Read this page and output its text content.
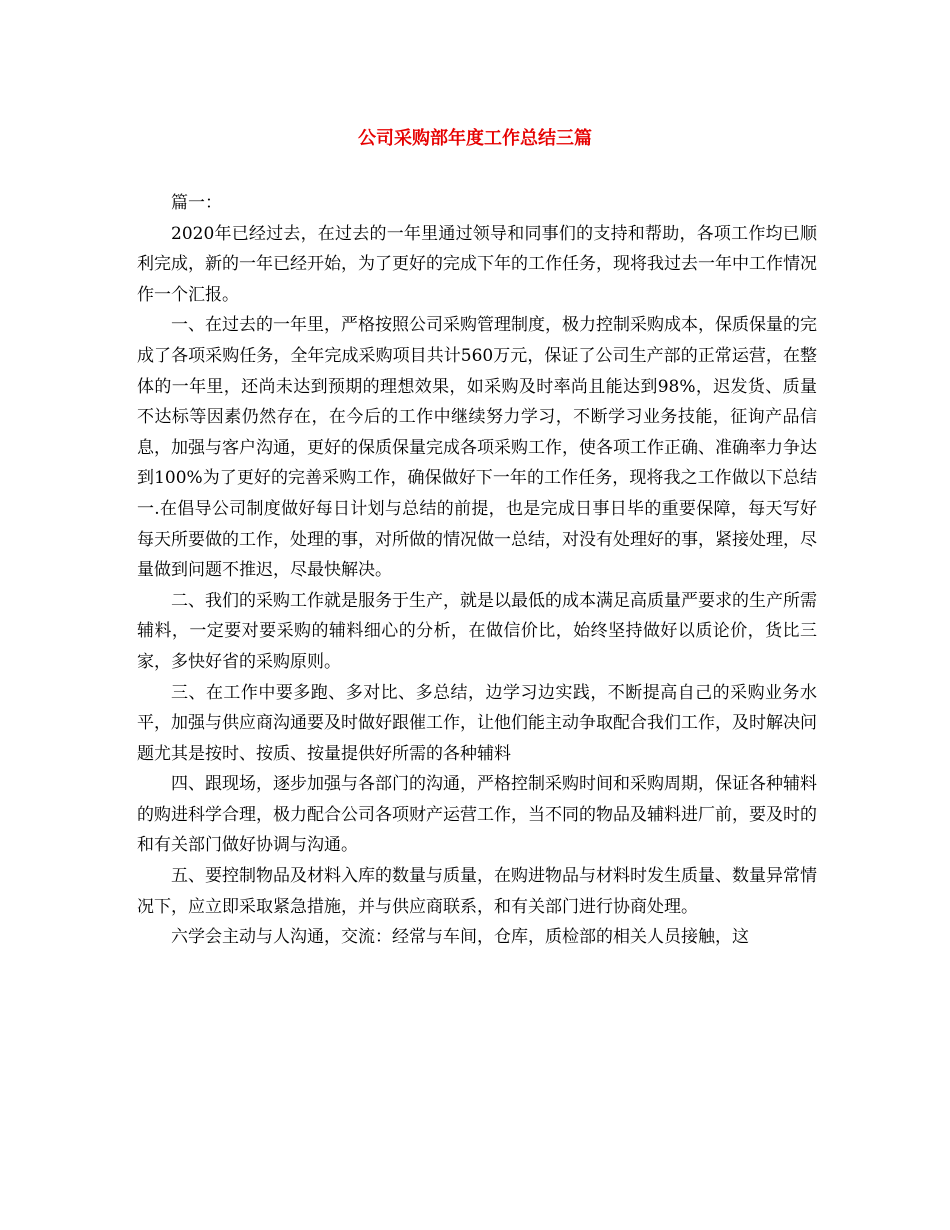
公司采购部年度工作总结三篇

篇一：

2020年已经过去，在过去的一年里通过领导和同事们的支持和帮助，各项工作均已顺利完成，新的一年已经开始，为了更好的完成下年的工作任务，现将我过去一年中工作情况作一个汇报。

一、在过去的一年里，严格按照公司采购管理制度，极力控制采购成本，保质保量的完成了各项采购任务，全年完成采购项目共计560万元，保证了公司生产部的正常运营，在整体的一年里，还尚未达到预期的理想效果，如采购及时率尚且能达到98%，迟发货、质量不达标等因素仍然存在，在今后的工作中继续努力学习，不断学习业务技能，征询产品信息，加强与客户沟通，更好的保质保量完成各项采购工作，使各项工作正确、准确率力争达到100%为了更好的完善采购工作，确保做好下一年的工作任务，现将我之工作做以下总结一.在倡导公司制度做好每日计划与总结的前提，也是完成日事日毕的重要保障，每天写好每天所要做的工作，处理的事，对所做的情况做一总结，对没有处理好的事，紧接处理，尽量做到问题不推迟，尽最快解决。

二、我们的采购工作就是服务于生产，就是以最低的成本满足高质量严要求的生产所需辅料，一定要对要采购的辅料细心的分析，在做信价比，始终坚持做好以质论价，货比三家，多快好省的采购原则。

三、在工作中要多跑、多对比、多总结，边学习边实践，不断提高自己的采购业务水平，加强与供应商沟通要及时做好跟催工作，让他们能主动争取配合我们工作，及时解决问题尤其是按时、按质、按量提供好所需的各种辅料

四、跟现场，逐步加强与各部门的沟通，严格控制采购时间和采购周期，保证各种辅料的购进科学合理，极力配合公司各项财产运营工作，当不同的物品及辅料进厂前，要及时的和有关部门做好协调与沟通。

五、要控制物品及材料入库的数量与质量，在购进物品与材料时发生质量、数量异常情况下，应立即采取紧急措施，并与供应商联系，和有关部门进行协商处理。

六学会主动与人沟通，交流：经常与车间，仓库，质检部的相关人员接触，这
